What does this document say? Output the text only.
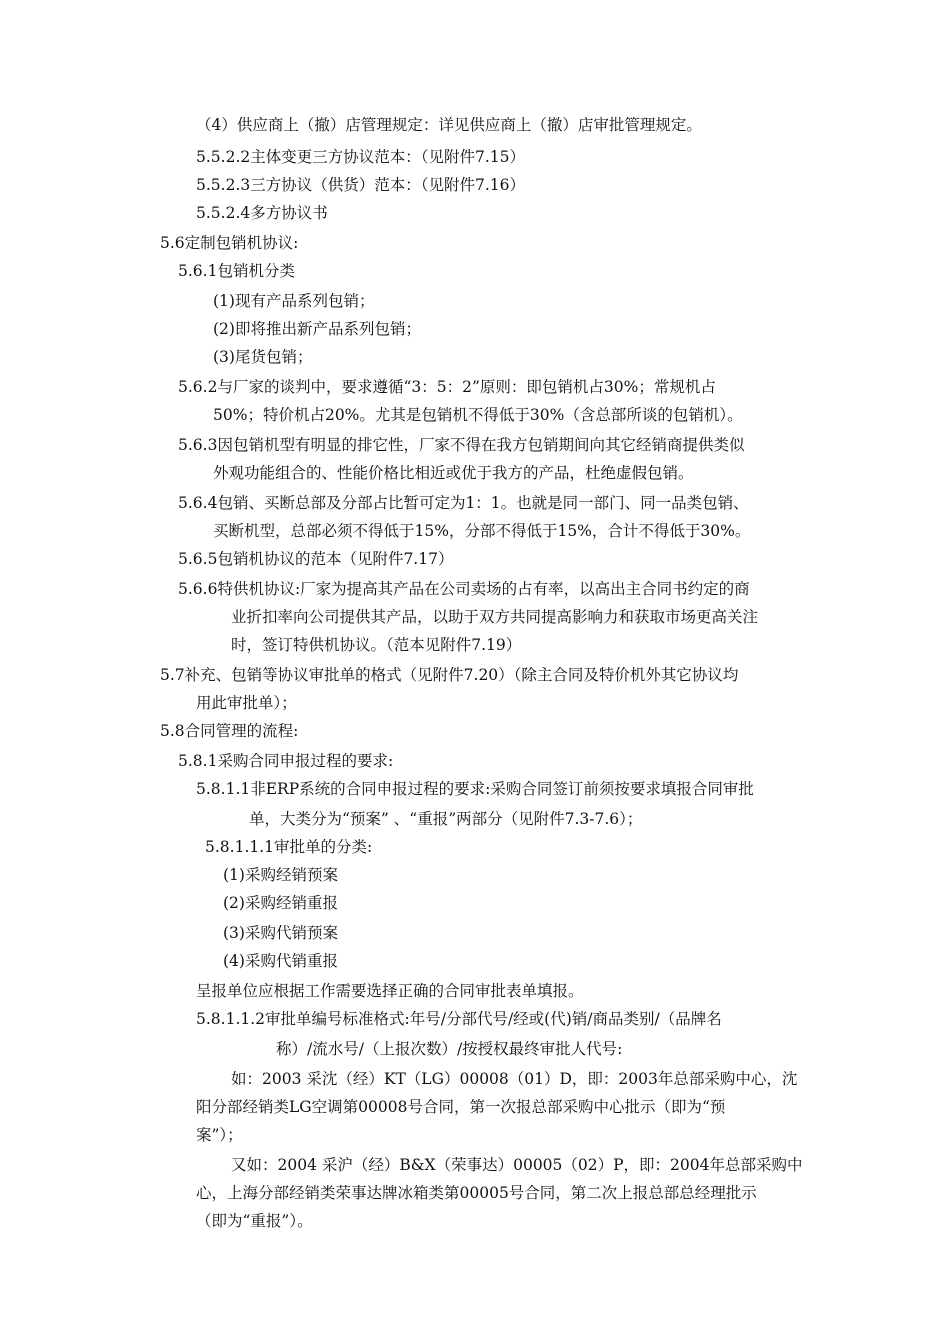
（4）供应商上（撤）店管理规定：详见供应商上（撤）店审批管理规定。
5.5.2.2主体变更三方协议范本：（见附件7.15）
5.5.2.3三方协议（供货）范本：（见附件7.16）
5.5.2.4多方协议书
5.6定制包销机协议:
5.6.1包销机分类
(1)现有产品系列包销；
(2)即将推出新产品系列包销；
(3)尾货包销；
5.6.2与厂家的谈判中，要求遵循“3：5：2”原则：即包销机占30%；常规机占
50%；特价机占20%。尤其是包销机不得低于30%（含总部所谈的包销机）。
5.6.3因包销机型有明显的排它性，厂家不得在我方包销期间向其它经销商提供类似
外观功能组合的、性能价格比相近或优于我方的产品，杜绝虚假包销。
5.6.4包销、买断总部及分部占比暂可定为1：1。也就是同一部门、同一品类包销、
买断机型，总部必须不得低于15%，分部不得低于15%，合计不得低于30%。
5.6.5包销机协议的范本（见附件7.17）
5.6.6特供机协议:厂家为提高其产品在公司卖场的占有率，以高出主合同书约定的商
业折扣率向公司提供其产品，以助于双方共同提高影响力和获取市场更高关注
时，签订特供机协议。（范本见附件7.19）
5.7补充、包销等协议审批单的格式（见附件7.20）（除主合同及特价机外其它协议均
用此审批单）；
5.8合同管理的流程:
5.8.1采购合同申报过程的要求:
5.8.1.1非ERP系统的合同申报过程的要求:采购合同签订前须按要求填报合同审批
单，大类分为“预案” 、“重报”两部分（见附件7.3-7.6）；
5.8.1.1.1审批单的分类:
(1)采购经销预案
(2)采购经销重报
(3)采购代销预案
(4)采购代销重报
呈报单位应根据工作需要选择正确的合同审批表单填报。
5.8.1.1.2审批单编号标准格式:年号/分部代号/经或(代)销/商品类别/（品牌名
称）/流水号/（上报次数）/按授权最终审批人代号:
如：2003 采沈（经）KT（LG）00008（01）D，即：2003年总部采购中心，沈
阳分部经销类LG空调第00008号合同，第一次报总部采购中心批示（即为“预
案”）；
又如：2004 采沪（经）B&X（荣事达）00005（02）P，即：2004年总部采购中
心，上海分部经销类荣事达牌冰箱类第00005号合同，第二次上报总部总经理批示
（即为“重报”）。
